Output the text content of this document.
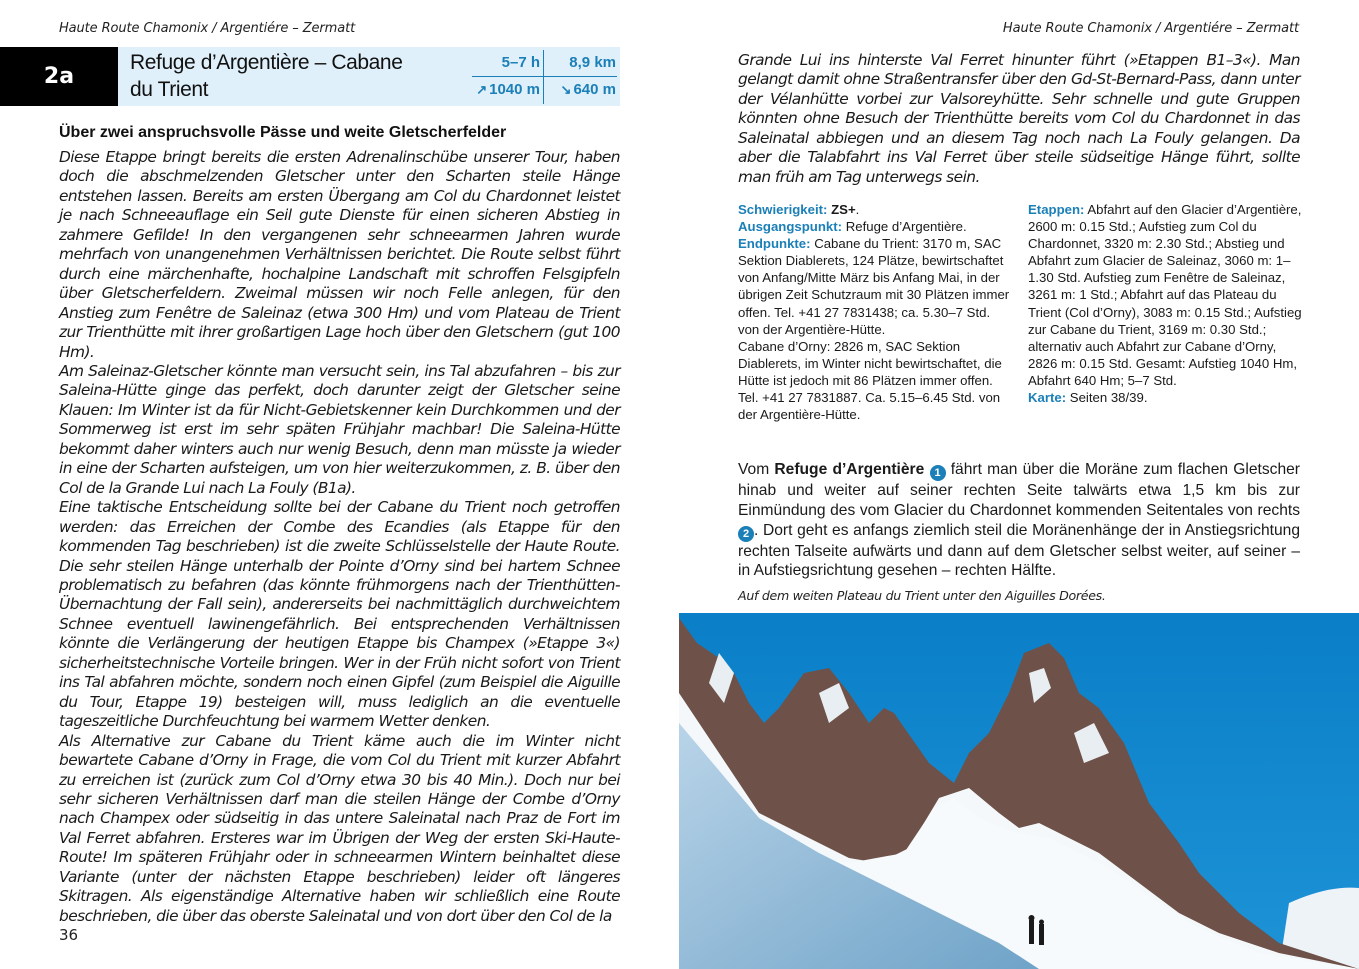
Haute Route Chamonix / Argentiére – Zermatt	Haute Route Chamonix / Argentiére – Zermatt
2a
Refuge d’Argentière – Cabane
du Trient
5–7 h	8,9 km
↗ 1040 m	↘ 640 m
Über zwei anspruchsvolle Pässe und weite Gletscherfelder

Diese Etappe bringt bereits die ersten Adrenalinschübe unserer Tour, haben doch die abschmelzenden Gletscher unter den Scharten steile Hänge entstehen lassen. Bereits am ersten Übergang am Col du Chardonnet leistet je nach Schneeauflage ein Seil gute Dienste für einen sicheren Abstieg in zahmere Gefilde! In den vergangenen sehr schneearmen Jahren wurde mehrfach von unangenehmen Verhältnissen berichtet. Die Route selbst führt durch eine märchenhafte, hochalpine Landschaft mit schroffen Felsgipfeln über Gletscherfeldern. Zweimal müssen wir noch Felle anlegen, für den Anstieg zum Fenêtre de Saleinaz (etwa 300 Hm) und vom Plateau de Trient zur Trienthütte mit ihrer großartigen Lage hoch über den Gletschern (gut 100 Hm).

Am Saleinaz-Gletscher könnte man versucht sein, ins Tal abzufahren – bis zur Saleina-Hütte ginge das perfekt, doch darunter zeigt der Gletscher seine Klauen: Im Winter ist da für Nicht-Gebietskenner kein Durchkommen und der Sommerweg ist erst im sehr späten Frühjahr machbar! Die Saleina-Hütte bekommt daher winters auch nur wenig Besuch, denn man müsste ja wieder in eine der Scharten aufsteigen, um von hier weiterzukommen, z. B. über den Col de la Grande Lui nach La Fouly (B1a).

Eine taktische Entscheidung sollte bei der Cabane du Trient noch getroffen werden: das Erreichen der Combe des Ecandies (als Etappe für den kommenden Tag beschrieben) ist die zweite Schlüsselstelle der Haute Route. Die sehr steilen Hänge unterhalb der Pointe d’Orny sind bei hartem Schnee problematisch zu befahren (das könnte frühmorgens nach der Trienthütten-Übernachtung der Fall sein), andererseits bei nachmittäglich durchweichtem Schnee eventuell lawinengefährlich. Bei entsprechenden Verhältnissen könnte die Verlängerung der heutigen Etappe bis Champex (»Etappe 3«) sicherheitstechnische Vorteile bringen. Wer in der Früh nicht sofort von Trient ins Tal abfahren möchte, sondern noch einen Gipfel (zum Beispiel die Aiguille du Tour, Etappe 19) besteigen will, muss lediglich an die eventuelle tageszeitliche Durchfeuchtung bei warmem Wetter denken.

Als Alternative zur Cabane du Trient käme auch die im Winter nicht bewartete Cabane d’Orny in Frage, die vom Col du Trient mit kurzer Abfahrt zu erreichen ist (zurück zum Col d’Orny etwa 30 bis 40 Min.). Doch nur bei sehr sicheren Verhältnissen darf man die steilen Hänge der Combe d’Orny nach Champex oder südseitig in das untere Saleinatal nach Praz de Fort im Val Ferret abfahren. Ersteres war im Übrigen der Weg der ersten Ski-Haute-Route! Im späteren Frühjahr oder in schneearmen Wintern beinhaltet diese Variante (unter der nächsten Etappe beschrieben) leider oft längeres Skitragen. Als eigenständige Alternative haben wir schließlich eine Route beschrieben, die über das oberste Saleinatal und von dort über den Col de la

36

Grande Lui ins hinterste Val Ferret hinunter führt (»Etappen B1–3«). Man gelangt damit ohne Straßentransfer über den Gd-St-Bernard-Pass, dann unter der Vélanhütte vorbei zur Valsoreyhütte. Sehr schnelle und gute Gruppen könnten ohne Besuch der Trienthütte bereits vom Col du Chardonnet in das Saleinatal abbiegen und an diesem Tag noch nach La Fouly gelangen. Da aber die Talabfahrt ins Val Ferret über steile südseitige Hänge führt, sollte man früh am Tag unterwegs sein.

Schwierigkeit: ZS+.

Ausgangspunkt: Refuge d’Argentière.

Endpunkte: Cabane du Trient: 3170 m, SAC Sektion Diablerets, 124 Plätze, bewirtschaftet von Anfang/Mitte März bis Anfang Mai, in der übrigen Zeit Schutzraum mit 30 Plätzen immer offen. Tel. +41 27 7831438; ca. 5.30–7 Std. von der Argentière-Hütte.

Cabane d’Orny: 2826 m, SAC Sektion Diablerets, im Winter nicht bewirtschaftet, die Hütte ist jedoch mit 86 Plätzen immer offen. Tel. +41 27 7831887. Ca. 5.15–6.45 Std. von der Argentière-Hütte.

Etappen: Abfahrt auf den Glacier d’Argentière, 2600 m: 0.15 Std.; Aufstieg zum Col du Chardonnet, 3320 m: 2.30 Std.; Abstieg und Abfahrt zum Glacier de Saleinaz, 3060 m: 1–1.30 Std. Aufstieg zum Fenêtre de Saleinaz, 3261 m: 1 Std.; Abfahrt auf das Plateau du Trient (Col d’Orny), 3083 m: 0.15 Std.; Aufstieg zur Cabane du Trient, 3169 m: 0.30 Std.; alternativ auch Abfahrt zur Cabane d’Orny, 2826 m: 0.15 Std. Gesamt: Aufstieg 1040 Hm, Abfahrt 640 Hm; 5–7 Std.

Karte: Seiten 38/39.

Vom Refuge d’Argentière 1 fährt man über die Moräne zum flachen Gletscher hinab und weiter auf seiner rechten Seite talwärts etwa 1,5 km bis zur Einmündung des vom Glacier du Chardonnet kommenden Seitentales von rechts 2 . Dort geht es anfangs ziemlich steil die Moränenhänge der in Anstiegsrichtung rechten Talseite aufwärts und dann auf dem Gletscher selbst weiter, auf seiner – in Aufstiegsrichtung gesehen – rechten Hälfte.

Auf dem weiten Plateau du Trient unter den Aiguilles Dorées.
